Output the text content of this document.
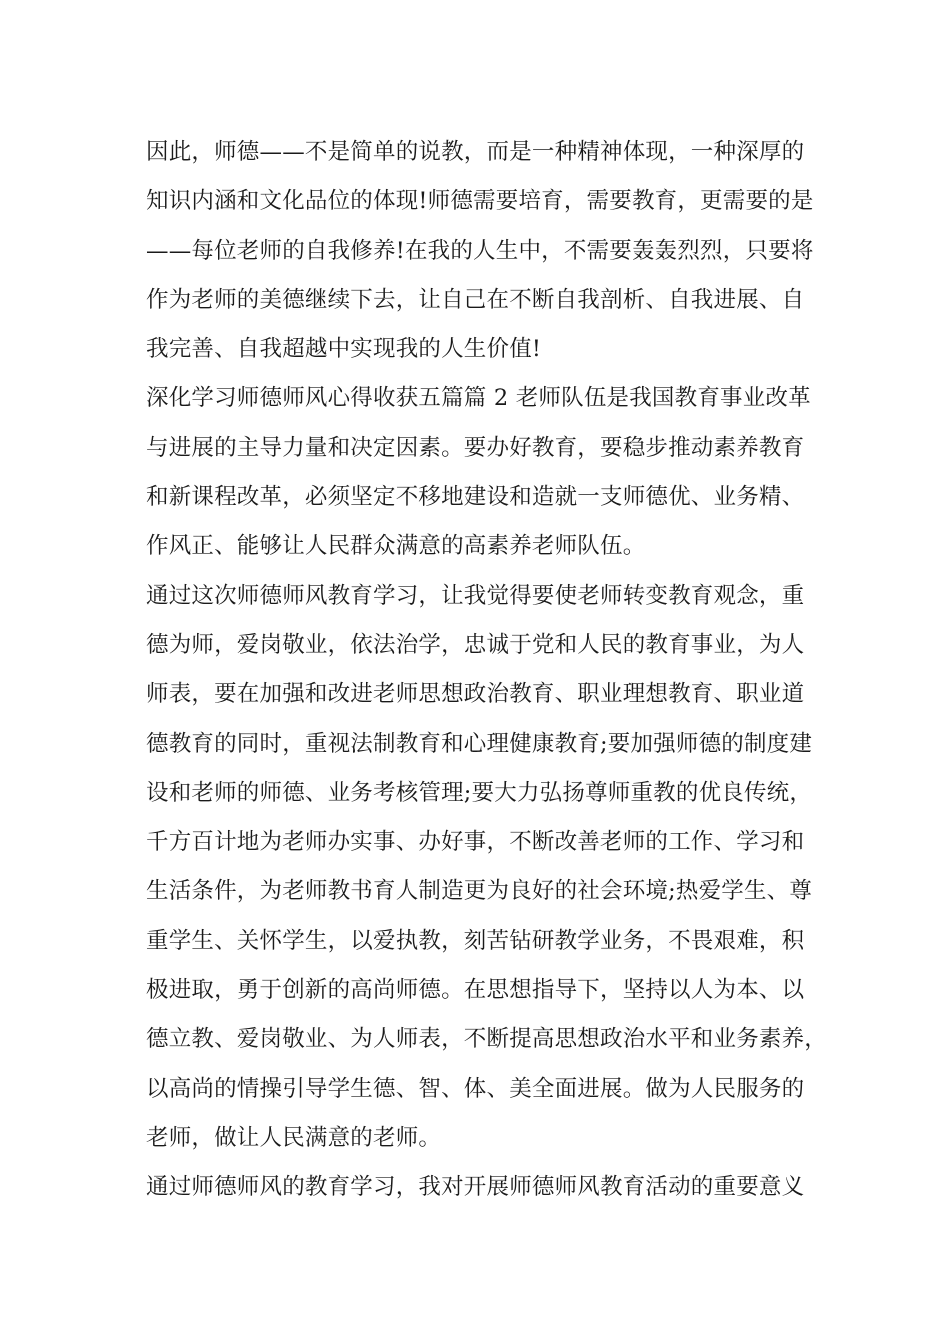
因此，师德——不是简单的说教，而是一种精神体现，一种深厚的
知识内涵和文化品位的体现!师德需要培育，需要教育，更需要的是
——每位老师的自我修养!在我的人生中，不需要轰轰烈烈，只要将
作为老师的美德继续下去，让自己在不断自我剖析、自我进展、自
我完善、自我超越中实现我的人生价值!
深化学习师德师风心得收获五篇篇 2 老师队伍是我国教育事业改革
与进展的主导力量和决定因素。要办好教育，要稳步推动素养教育
和新课程改革，必须坚定不移地建设和造就一支师德优、业务精、
作风正、能够让人民群众满意的高素养老师队伍。
通过这次师德师风教育学习，让我觉得要使老师转变教育观念，重
德为师，爱岗敬业，依法治学，忠诚于党和人民的教育事业，为人
师表，要在加强和改进老师思想政治教育、职业理想教育、职业道
德教育的同时，重视法制教育和心理健康教育;要加强师德的制度建
设和老师的师德、业务考核管理;要大力弘扬尊师重教的优良传统，
千方百计地为老师办实事、办好事，不断改善老师的工作、学习和
生活条件，为老师教书育人制造更为良好的社会环境;热爱学生、尊
重学生、关怀学生，以爱执教，刻苦钻研教学业务，不畏艰难，积
极进取，勇于创新的高尚师德。在思想指导下，坚持以人为本、以
德立教、爱岗敬业、为人师表，不断提高思想政治水平和业务素养，
以高尚的情操引导学生德、智、体、美全面进展。做为人民服务的
老师，做让人民满意的老师。
通过师德师风的教育学习，我对开展师德师风教育活动的重要意义
